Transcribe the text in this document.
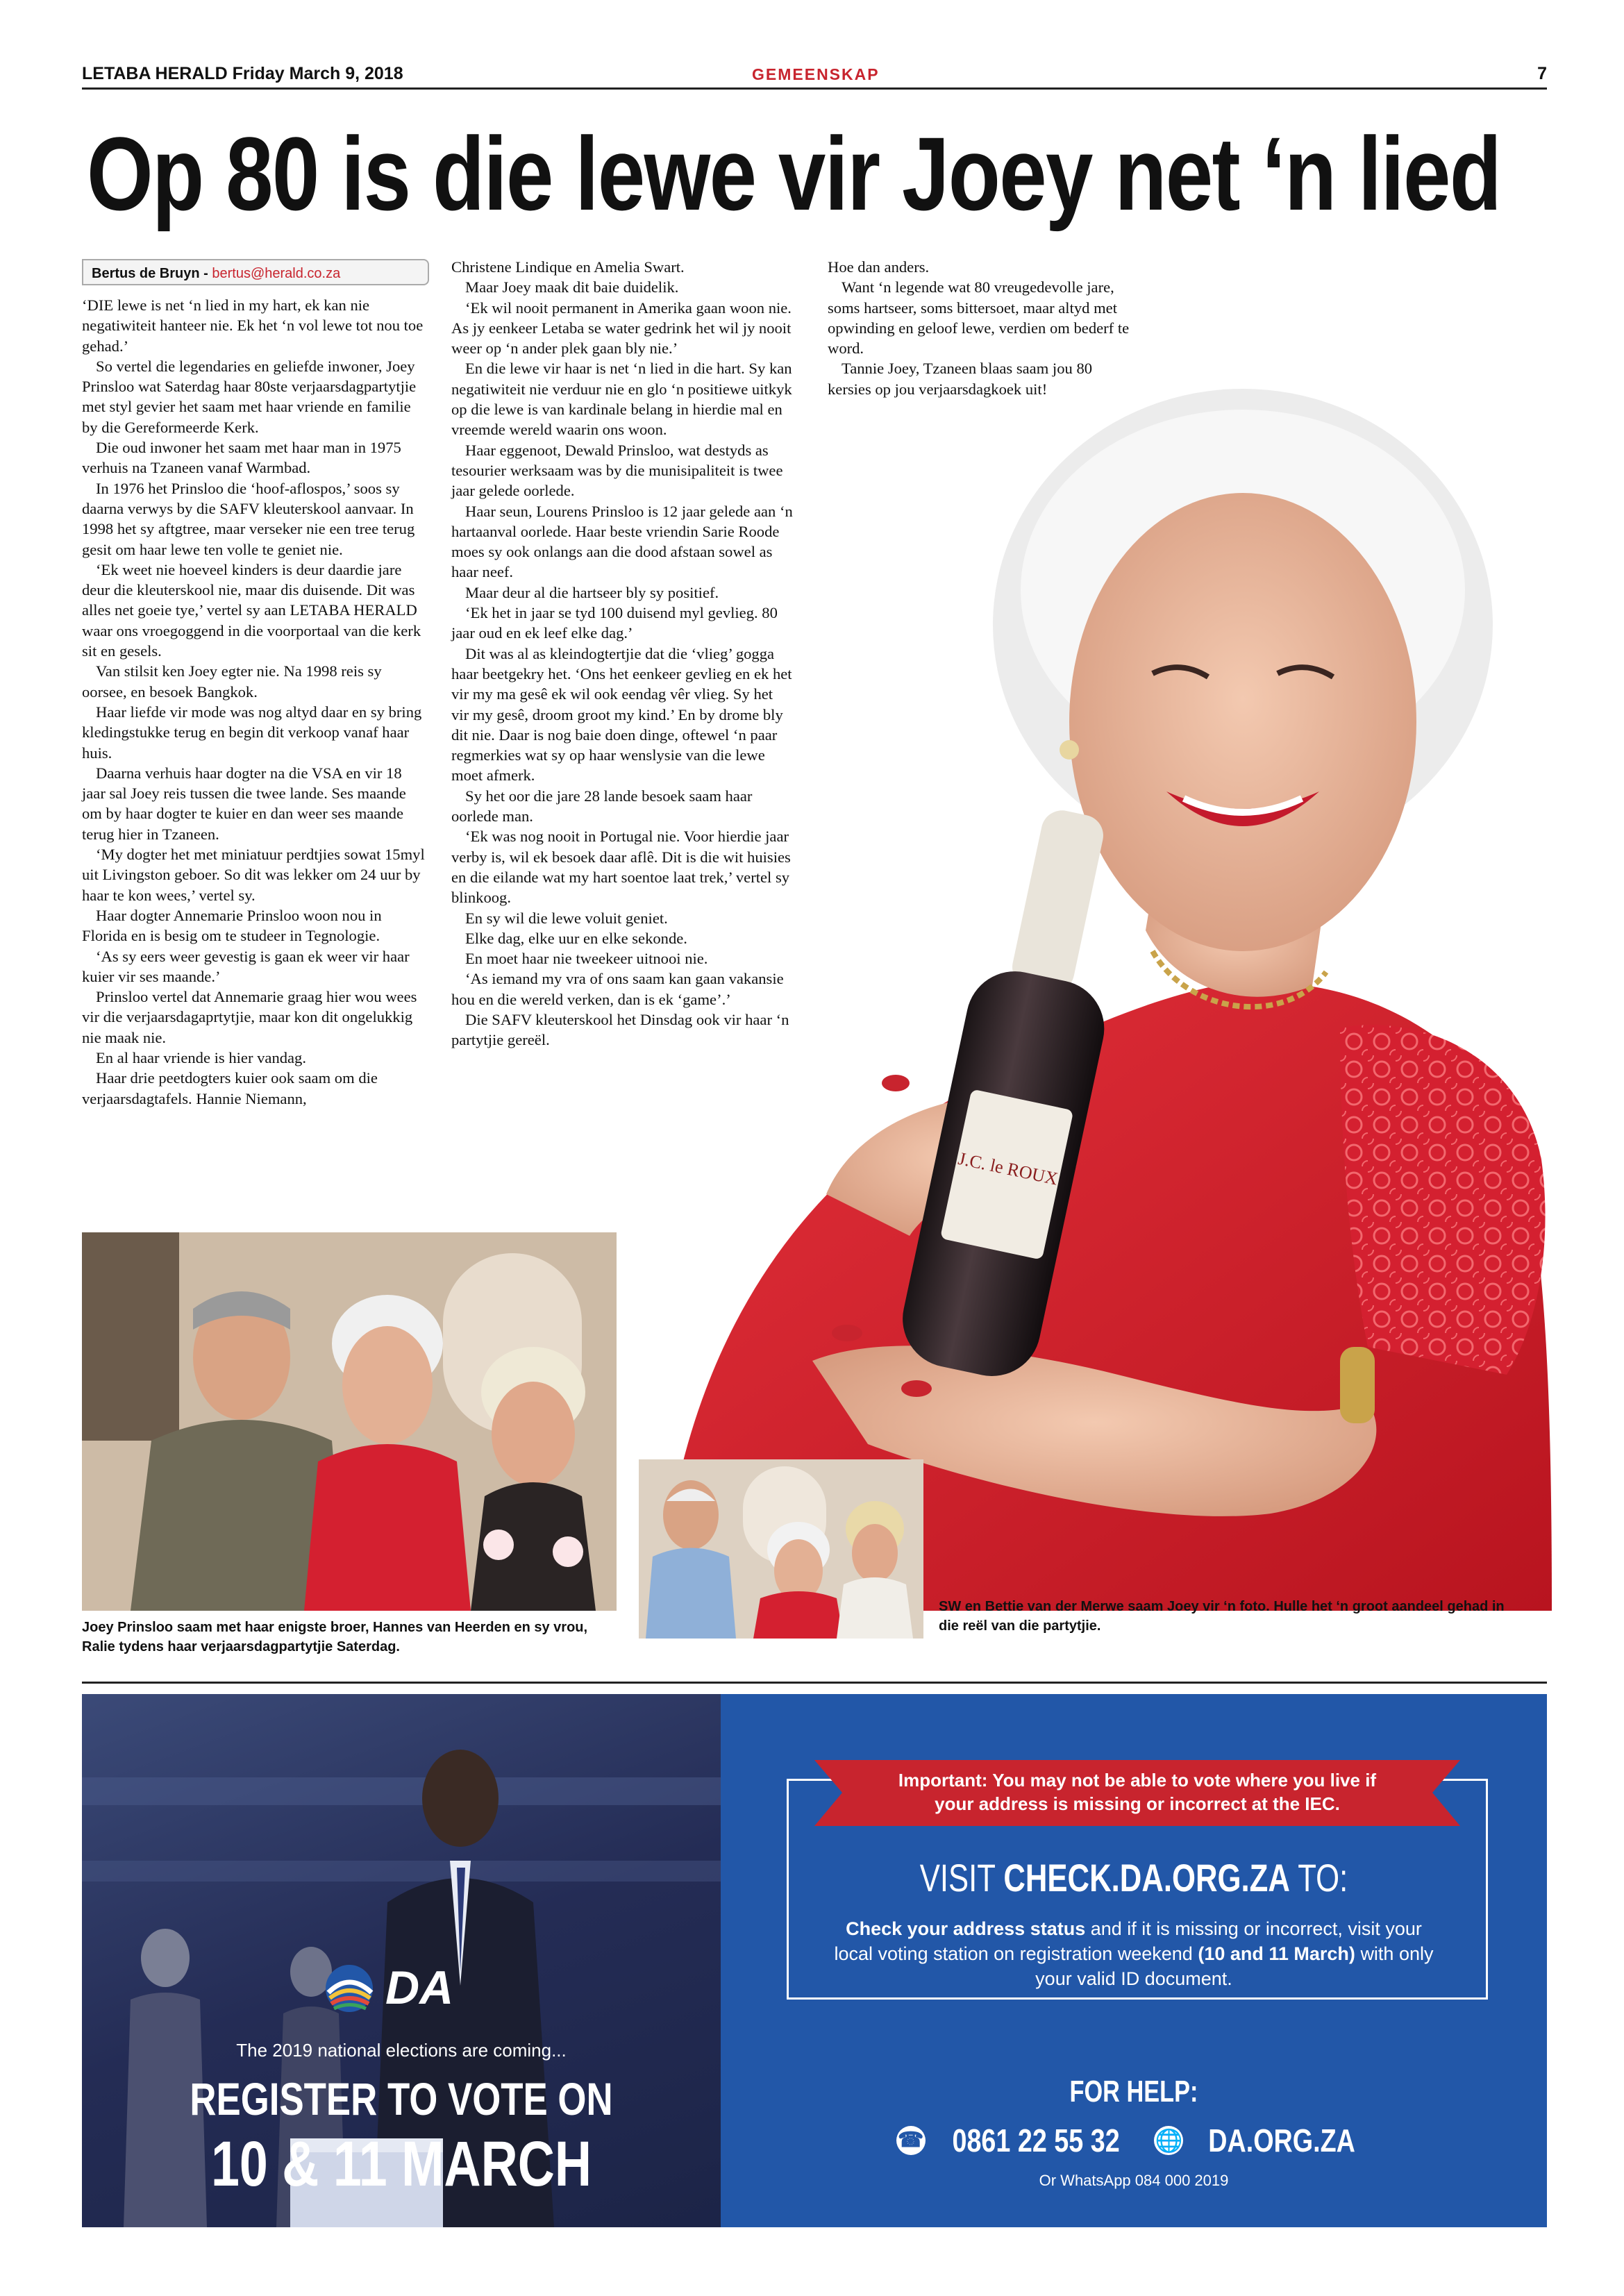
LETABA HERALD Friday March 9, 2018	GEMEENSKAP	7
Op 80 is die lewe vir Joey net ‘n lied
Bertus de Bruyn - bertus@herald.co.za

‘DIE lewe is net ‘n lied in my hart, ek kan nie negatiwiteit hanteer nie. Ek het ‘n vol lewe tot nou toe gehad.’

So vertel die legendaries en geliefde inwoner, Joey Prinsloo wat Saterdag haar 80ste verjaarsdagpartytjie met styl gevier het saam met haar vriende en familie by die Gereformeerde Kerk.

Die oud inwoner het saam met haar man in 1975 verhuis na Tzaneen vanaf Warmbad.

In 1976 het Prinsloo die ‘hoof-aflospos,’ soos sy daarna verwys by die SAFV kleuterskool aanvaar. In 1998 het sy aftgtree, maar verseker nie een tree terug gesit om haar lewe ten volle te geniet nie.

‘Ek weet nie hoeveel kinders is deur daardie jare deur die kleuterskool nie, maar dis duisende. Dit was alles net goeie tye,’ vertel sy aan LETABA HERALD waar ons vroegoggend in die voorportaal van die kerk sit en gesels.

Van stilsit ken Joey egter nie. Na 1998 reis sy oorsee, en besoek Bangkok.

Haar liefde vir mode was nog altyd daar en sy bring kledingstukke terug en begin dit verkoop vanaf haar huis.

Daarna verhuis haar dogter na die VSA en vir 18 jaar sal Joey reis tussen die twee lande. Ses maande om by haar dogter te kuier en dan weer ses maande terug hier in Tzaneen.

‘My dogter het met miniatuur perdtjies sowat 15myl uit Livingston geboer. So dit was lekker om 24 uur by haar te kon wees,’ vertel sy.

Haar dogter Annemarie Prinsloo woon nou in Florida en is besig om te studeer in Tegnologie.

‘As sy eers weer gevestig is gaan ek weer vir haar kuier vir ses maande.’

Prinsloo vertel dat Annemarie graag hier wou wees vir die verjaarsdagaprtytjie, maar kon dit ongelukkig nie maak nie.

En al haar vriende is hier vandag.

Haar drie peetdogters kuier ook saam om die verjaarsdagtafels. Hannie Niemann,

Christene Lindique en Amelia Swart.

Maar Joey maak dit baie duidelik.

‘Ek wil nooit permanent in Amerika gaan woon nie. As jy eenkeer Letaba se water gedrink het wil jy nooit weer op ‘n ander plek gaan bly nie.’

En die lewe vir haar is net ‘n lied in die hart. Sy kan negatiwiteit nie verduur nie en glo ‘n positiewe uitkyk op die lewe is van kardinale belang in hierdie mal en vreemde wereld waarin ons woon.

Haar eggenoot, Dewald Prinsloo, wat destyds as tesourier werksaam was by die munisipaliteit is twee jaar gelede oorlede.

Haar seun, Lourens Prinsloo is 12 jaar gelede aan ‘n hartaanval oorlede. Haar beste vriendin Sarie Roode moes sy ook onlangs aan die dood afstaan sowel as haar neef.

Maar deur al die hartseer bly sy positief.

‘Ek het in jaar se tyd 100 duisend myl gevlieg. 80 jaar oud en ek leef elke dag.’

Dit was al as kleindogtertjie dat die ‘vlieg’ gogga haar beetgekry het. ‘Ons het eenkeer gevlieg en ek het vir my ma gesê ek wil ook eendag vêr vlieg. Sy het vir my gesê, droom groot my kind.’ En by drome bly dit nie. Daar is nog baie doen dinge, oftewel ‘n paar regmerkies wat sy op haar wenslysie van die lewe moet afmerk.

Sy het oor die jare 28 lande besoek saam haar oorlede man.

‘Ek was nog nooit in Portugal nie. Voor hierdie jaar verby is, wil ek besoek daar aflê. Dit is die wit huisies en die eilande wat my hart soentoe laat trek,’ vertel sy blinkoog.

En sy wil die lewe voluit geniet.

Elke dag, elke uur en elke sekonde.

En moet haar nie tweekeer uitnooi nie.

‘As iemand my vra of ons saam kan gaan vakansie hou en die wereld verken, dan is ek ‘game’.’

Die SAFV kleuterskool het Dinsdag ook vir haar ‘n partytjie gereël.

Hoe dan anders.

Want ‘n legende wat 80 vreugedevolle jare, soms hartseer, soms bittersoet, maar altyd met opwinding en geloof lewe, verdien om bederf te word.

Tannie Joey, Tzaneen blaas saam jou 80 kersies op jou verjaarsdagkoek uit!

J.C. le ROUX
Joey Prinsloo saam met haar enigste broer, Hannes van Heerden en sy vrou, Ralie tydens haar verjaarsdagpartytjie Saterdag.
SW en Bettie van der Merwe saam Joey vir ‘n foto. Hulle het ‘n groot aandeel gehad in die reël van die partytjie.
DA
The 2019 national elections are coming...
REGISTER TO VOTE ON
10 & 11 MARCH
Important: You may not be able to vote where you live if your address is missing or incorrect at the IEC.
VISIT CHECK.DA.ORG.ZA TO:
Check your address status and if it is missing or incorrect, visit your local voting station on registration weekend (10 and 11 March) with only your valid ID document.
FOR HELP:
☎ 0861 22 55 32 🌐 DA.ORG.ZA
Or WhatsApp 084 000 2019
